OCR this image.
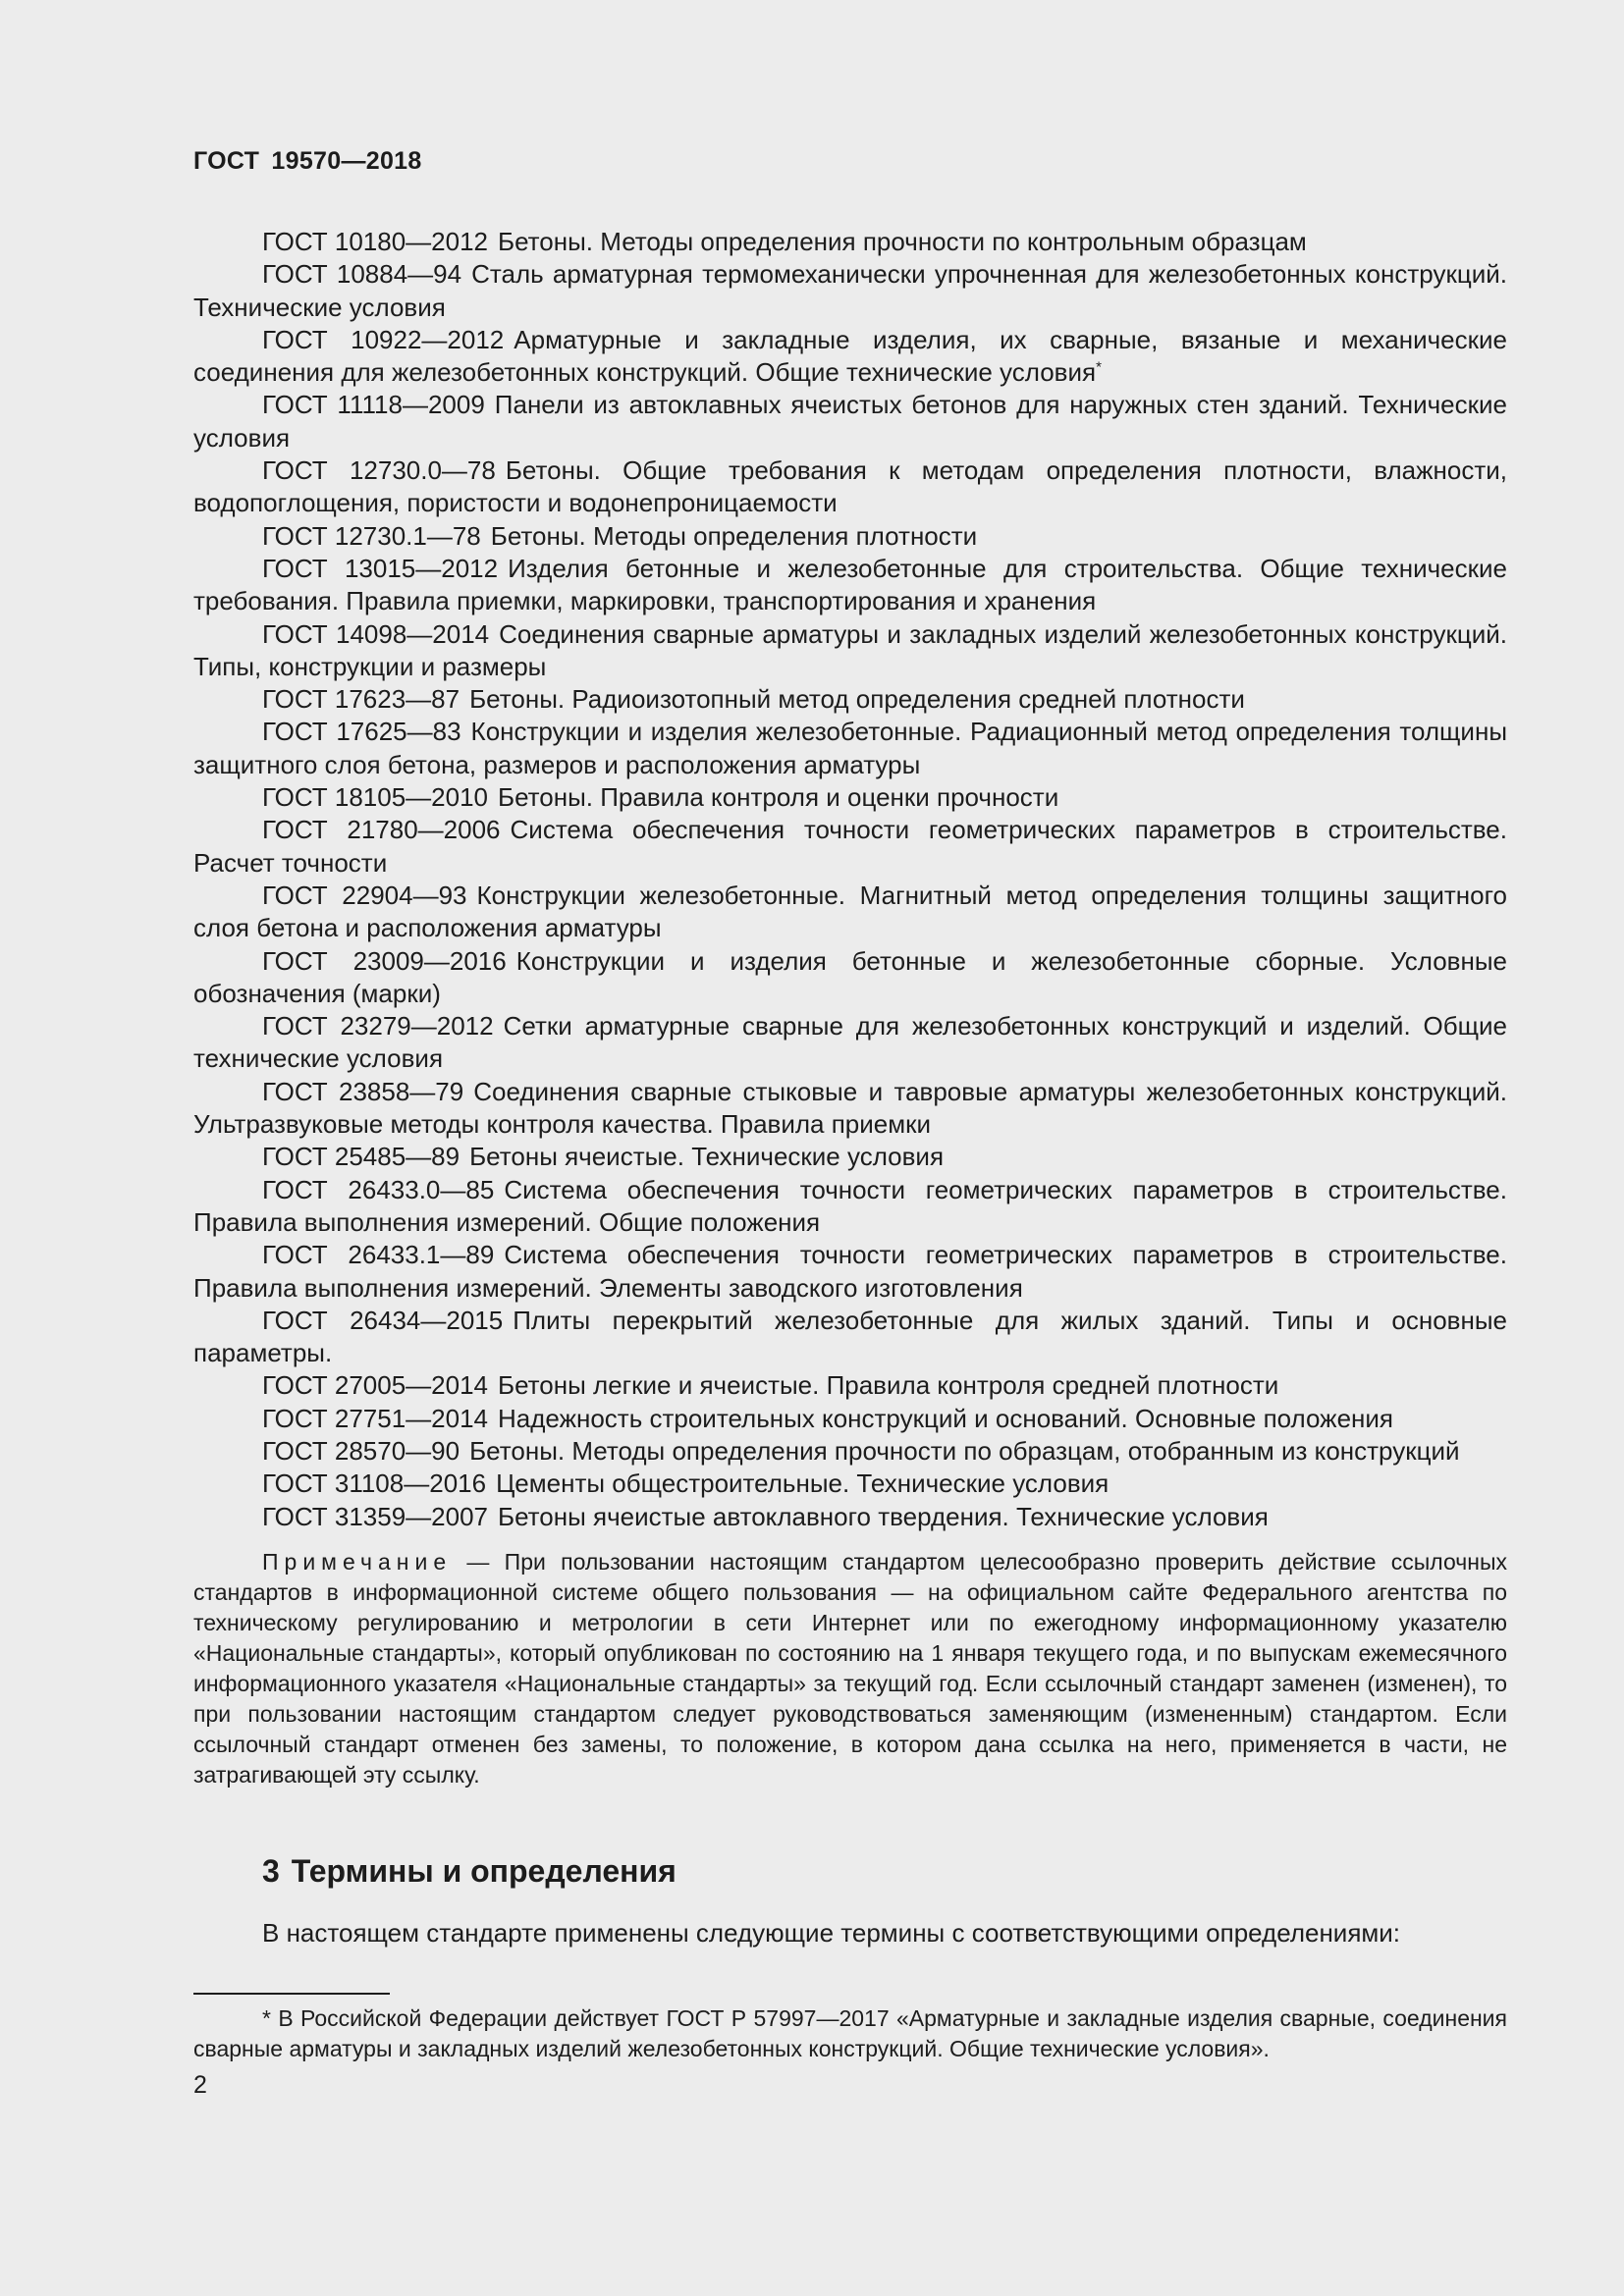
ГОСТ 19570—2018

ГОСТ 10180—2012 Бетоны. Методы определения прочности по контрольным образцам

ГОСТ 10884—94 Сталь арматурная термомеханически упрочненная для железобетонных конструкций. Технические условия

ГОСТ 10922—2012 Арматурные и закладные изделия, их сварные, вязаные и механические соединения для железобетонных конструкций. Общие технические условия*

ГОСТ 11118—2009 Панели из автоклавных ячеистых бетонов для наружных стен зданий. Технические условия

ГОСТ 12730.0—78 Бетоны. Общие требования к методам определения плотности, влажности, водопоглощения, пористости и водонепроницаемости

ГОСТ 12730.1—78 Бетоны. Методы определения плотности

ГОСТ 13015—2012 Изделия бетонные и железобетонные для строительства. Общие технические требования. Правила приемки, маркировки, транспортирования и хранения

ГОСТ 14098—2014 Соединения сварные арматуры и закладных изделий железобетонных конструкций. Типы, конструкции и размеры

ГОСТ 17623—87 Бетоны. Радиоизотопный метод определения средней плотности

ГОСТ 17625—83 Конструкции и изделия железобетонные. Радиационный метод определения толщины защитного слоя бетона, размеров и расположения арматуры

ГОСТ 18105—2010 Бетоны. Правила контроля и оценки прочности

ГОСТ 21780—2006 Система обеспечения точности геометрических параметров в строительстве. Расчет точности

ГОСТ 22904—93 Конструкции железобетонные. Магнитный метод определения толщины защитного слоя бетона и расположения арматуры

ГОСТ 23009—2016 Конструкции и изделия бетонные и железобетонные сборные. Условные обозначения (марки)

ГОСТ 23279—2012 Сетки арматурные сварные для железобетонных конструкций и изделий. Общие технические условия

ГОСТ 23858—79 Соединения сварные стыковые и тавровые арматуры железобетонных конструкций. Ультразвуковые методы контроля качества. Правила приемки

ГОСТ 25485—89 Бетоны ячеистые. Технические условия

ГОСТ 26433.0—85 Система обеспечения точности геометрических параметров в строительстве. Правила выполнения измерений. Общие положения

ГОСТ 26433.1—89 Система обеспечения точности геометрических параметров в строительстве. Правила выполнения измерений. Элементы заводского изготовления

ГОСТ 26434—2015 Плиты перекрытий железобетонные для жилых зданий. Типы и основные параметры.

ГОСТ 27005—2014 Бетоны легкие и ячеистые. Правила контроля средней плотности

ГОСТ 27751—2014 Надежность строительных конструкций и оснований. Основные положения

ГОСТ 28570—90 Бетоны. Методы определения прочности по образцам, отобранным из конструкций

ГОСТ 31108—2016 Цементы общестроительные. Технические условия

ГОСТ 31359—2007 Бетоны ячеистые автоклавного твердения. Технические условия

Примечание — При пользовании настоящим стандартом целесообразно проверить действие ссылочных стандартов в информационной системе общего пользования — на официальном сайте Федерального агентства по техническому регулированию и метрологии в сети Интернет или по ежегодному информационному указателю «Национальные стандарты», который опубликован по состоянию на 1 января текущего года, и по выпускам ежемесячного информационного указателя «Национальные стандарты» за текущий год. Если ссылочный стандарт заменен (изменен), то при пользовании настоящим стандартом следует руководствоваться заменяющим (измененным) стандартом. Если ссылочный стандарт отменен без замены, то положение, в котором дана ссылка на него, применяется в части, не затрагивающей эту ссылку.

3 Термины и определения

В настоящем стандарте применены следующие термины с соответствующими определениями:

* В Российской Федерации действует ГОСТ Р 57997—2017 «Арматурные и закладные изделия сварные, соединения сварные арматуры и закладных изделий железобетонных конструкций. Общие технические условия».

2
